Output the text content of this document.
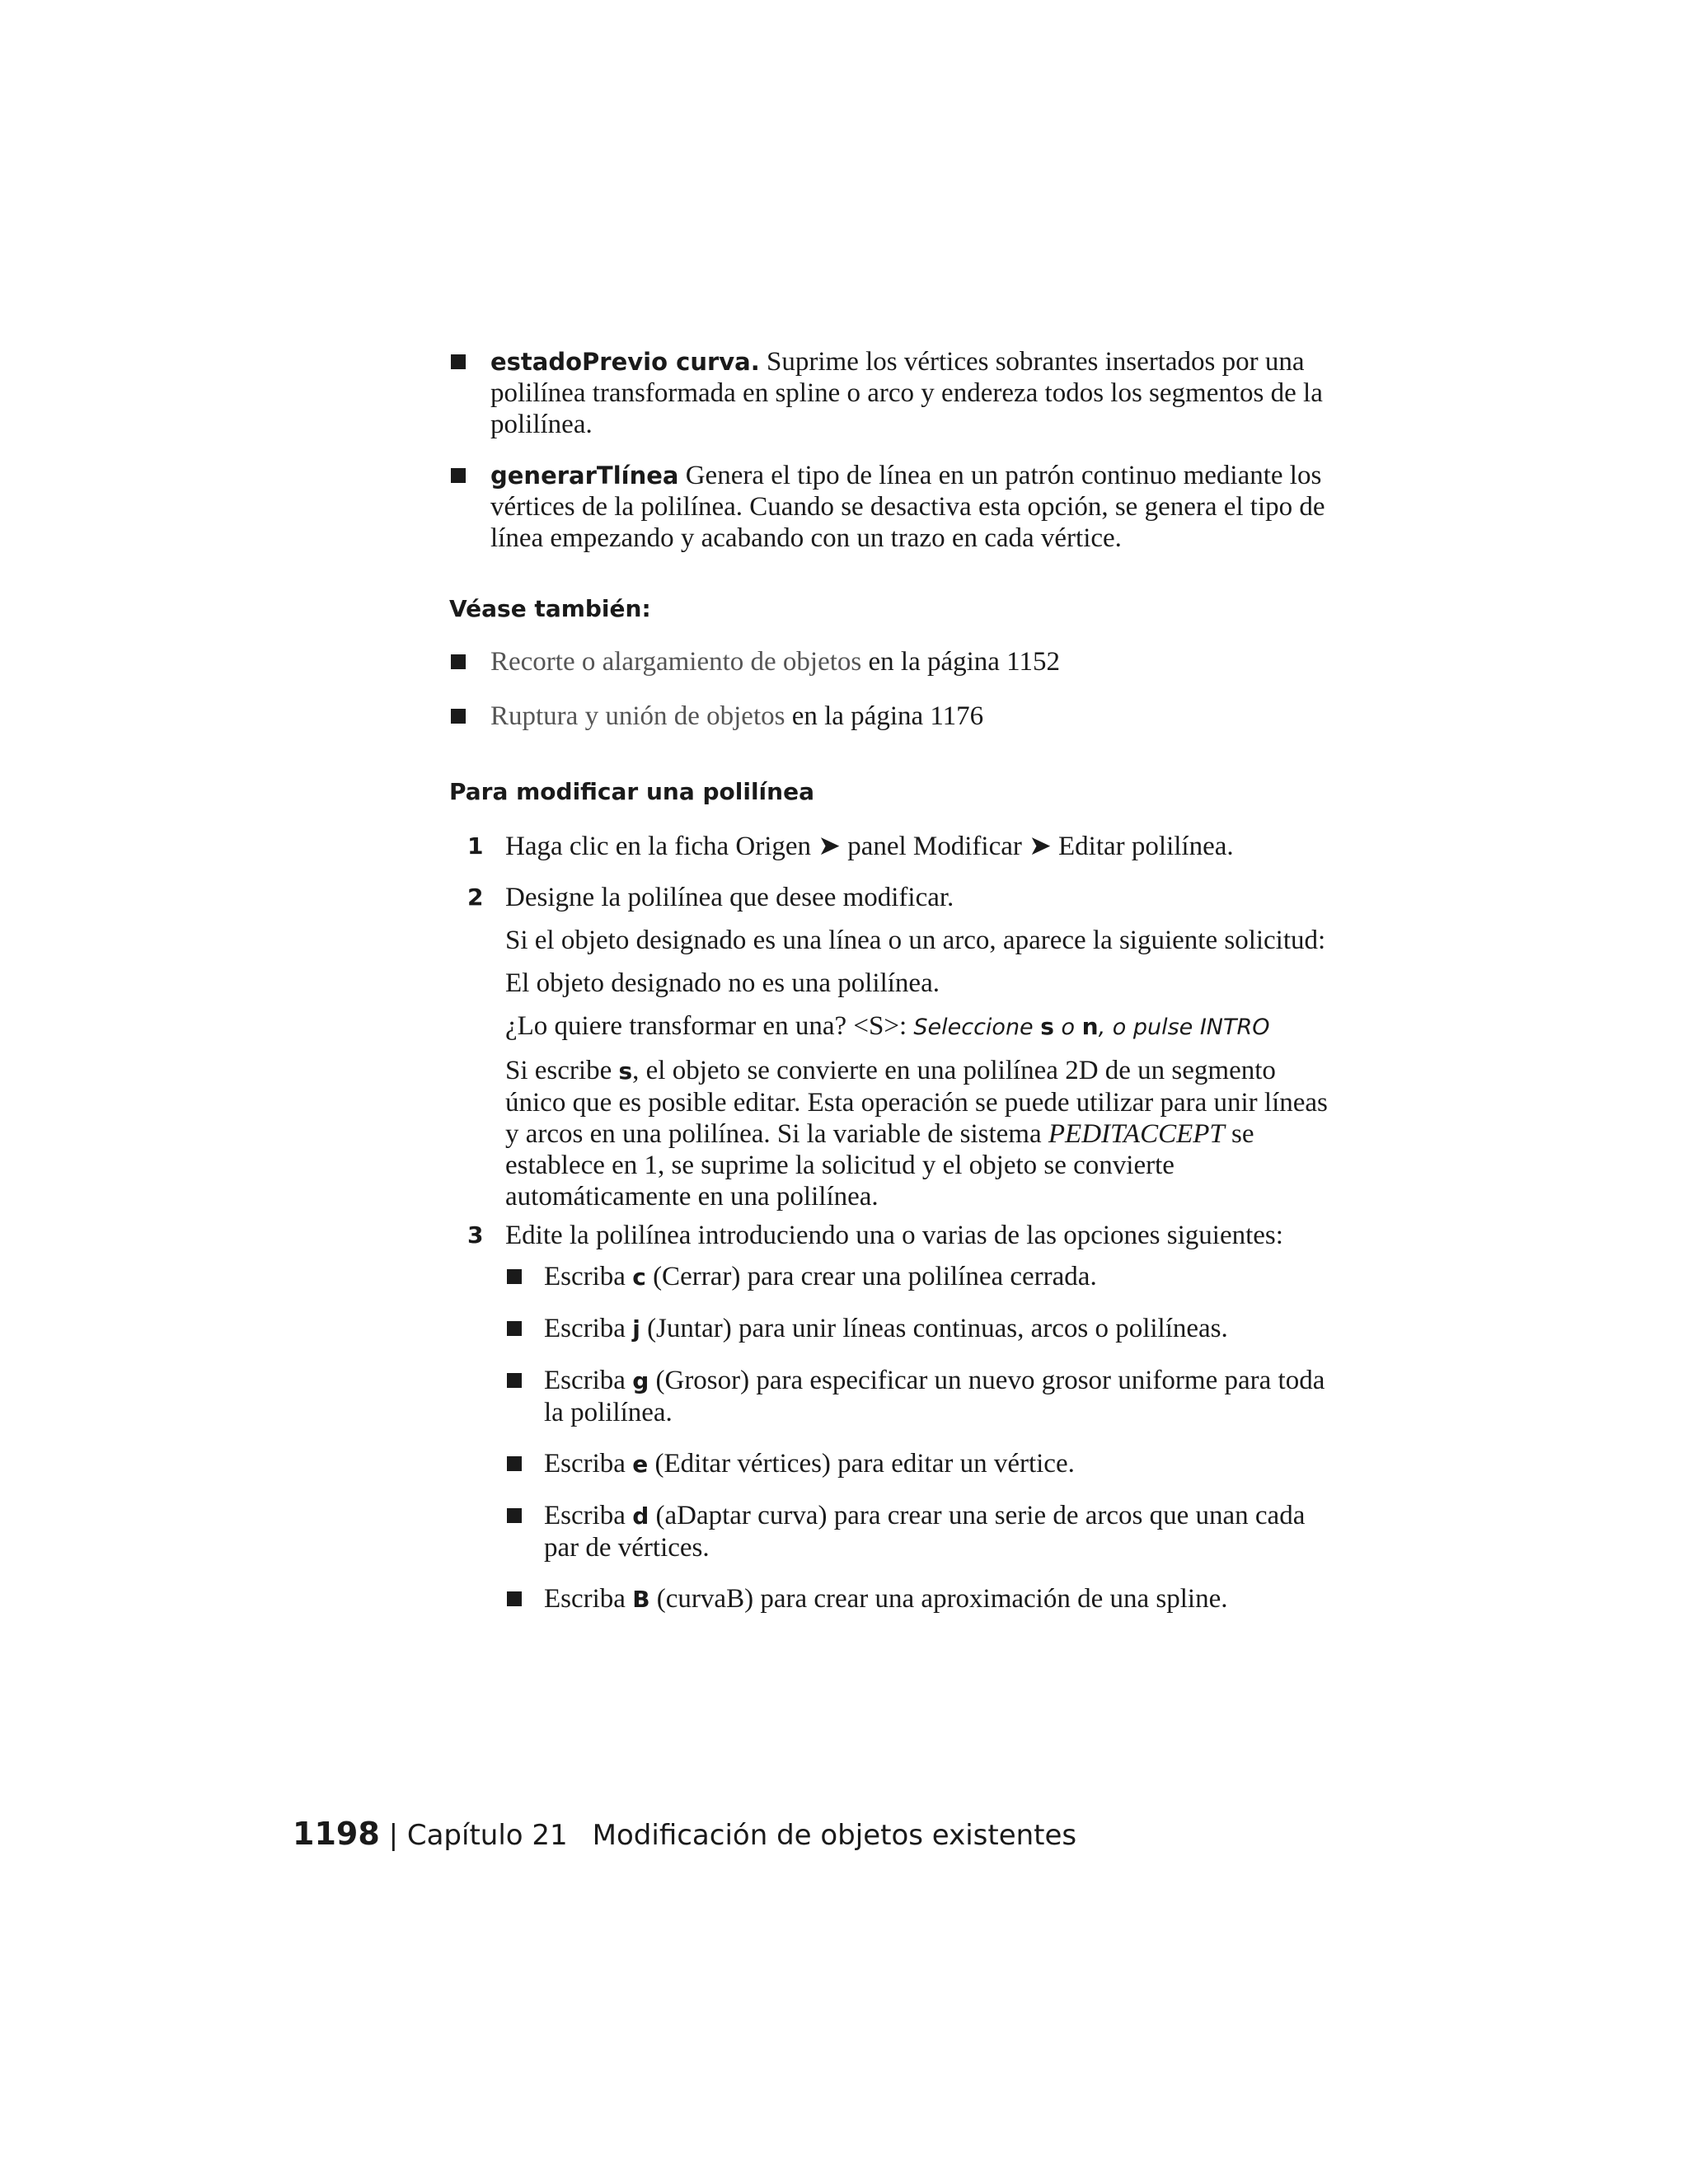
estadoPrevio curva. Suprime los vértices sobrantes insertados por una polilínea transformada en spline o arco y endereza todos los segmentos de la polilínea.
generarTlínea Genera el tipo de línea en un patrón continuo mediante los vértices de la polilínea. Cuando se desactiva esta opción, se genera el tipo de línea empezando y acabando con un trazo en cada vértice.
Véase también:
Recorte o alargamiento de objetos en la página 1152
Ruptura y unión de objetos en la página 1176
Para modificar una polilínea
1 Haga clic en la ficha Origen ➤ panel Modificar ➤ Editar polilínea.
2 Designe la polilínea que desee modificar.

Si el objeto designado es una línea o un arco, aparece la siguiente solicitud:

El objeto designado no es una polilínea.

¿Lo quiere transformar en una? <S>: Seleccione s o n, o pulse INTRO

Si escribe s, el objeto se convierte en una polilínea 2D de un segmento único que es posible editar. Esta operación se puede utilizar para unir líneas y arcos en una polilínea. Si la variable de sistema PEDITACCEPT se establece en 1, se suprime la solicitud y el objeto se convierte automáticamente en una polilínea.

3 Edite la polilínea introduciendo una o varias de las opciones siguientes:

Escriba c (Cerrar) para crear una polilínea cerrada.
Escriba j (Juntar) para unir líneas continuas, arcos o polilíneas.
Escriba g (Grosor) para especificar un nuevo grosor uniforme para toda la polilínea.
Escriba e (Editar vértices) para editar un vértice.
Escriba d (aDaptar curva) para crear una serie de arcos que unan cada par de vértices.
Escriba B (curvaB) para crear una aproximación de una spline.
1198 | Capítulo 21 Modificación de objetos existentes
